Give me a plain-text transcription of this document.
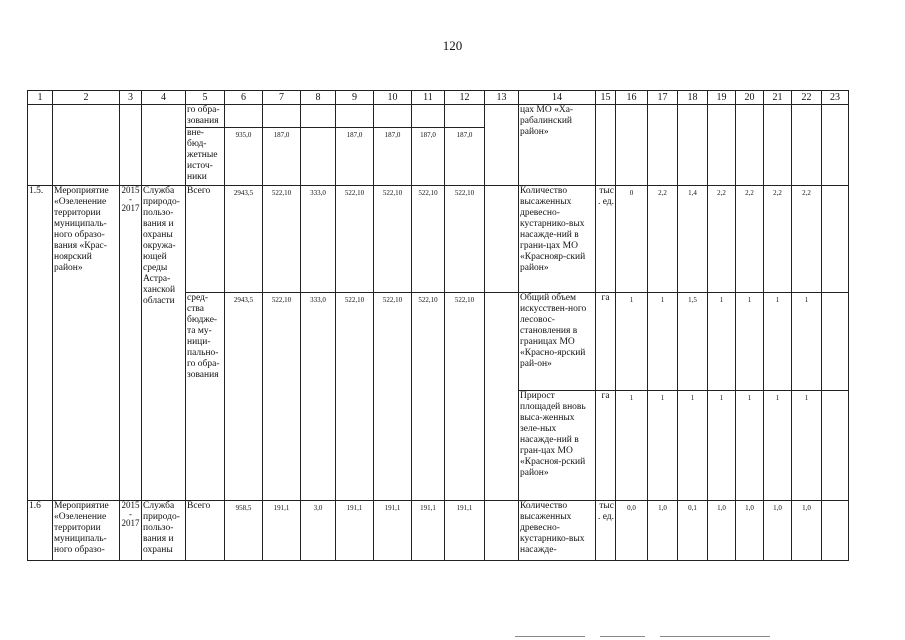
120
1	2	3	4	5	6	7	8	9	10	11	12	13	14	15	16	17	18	19	20	21	22	23
				го обра-зования									цах МО «Ха-рабалинский район»									
				вне-бюд-жетные источ-ники	935,0	187,0		187,0	187,0	187,0	187,0											
1.5.	Мероприятие «Озеленение территории муниципаль-ного образо-вания «Крас-ноярский район»	2015 - 2017	Служба природо-пользо-вания и охраны окружа-ющей среды Астра-ханской области	Всего	2943,5	522,10	333,0	522,10	522,10	522,10	522,10		Количество высаженных древесно-кустарнико-вых насажде-ний в грани-цах МО «Краснояр-ский район»	тыс. ед.	0	2,2	1,4	2,2	2,2	2,2	2,2	
				сред-ства бюдже-та му-ници-пально-го обра-зования	2943,5	522,10	333,0	522,10	522,10	522,10	522,10		Общий объем искусствен-ного лесовос-становления в границах МО «Красно-ярский рай-он»	га	1	1	1,5	1	1	1	1	
													Прирост площадей вновь выса-женных зеле-ных насажде-ний в гран-цах МО «Красноя-рский район»	га	1	1	1	1	1	1	1	
1.6	Мероприятие «Озеленение территории муниципаль-ного образо-	2015 - 2017	Служба природо-пользо-вания и охраны	Всего	958,5	191,1	3,0	191,1	191,1	191,1	191,1		Количество высаженных древесно-кустарнико-вых насажде-	тыс. ед.	0,0	1,0	0,1	1,0	1,0	1,0	1,0	
